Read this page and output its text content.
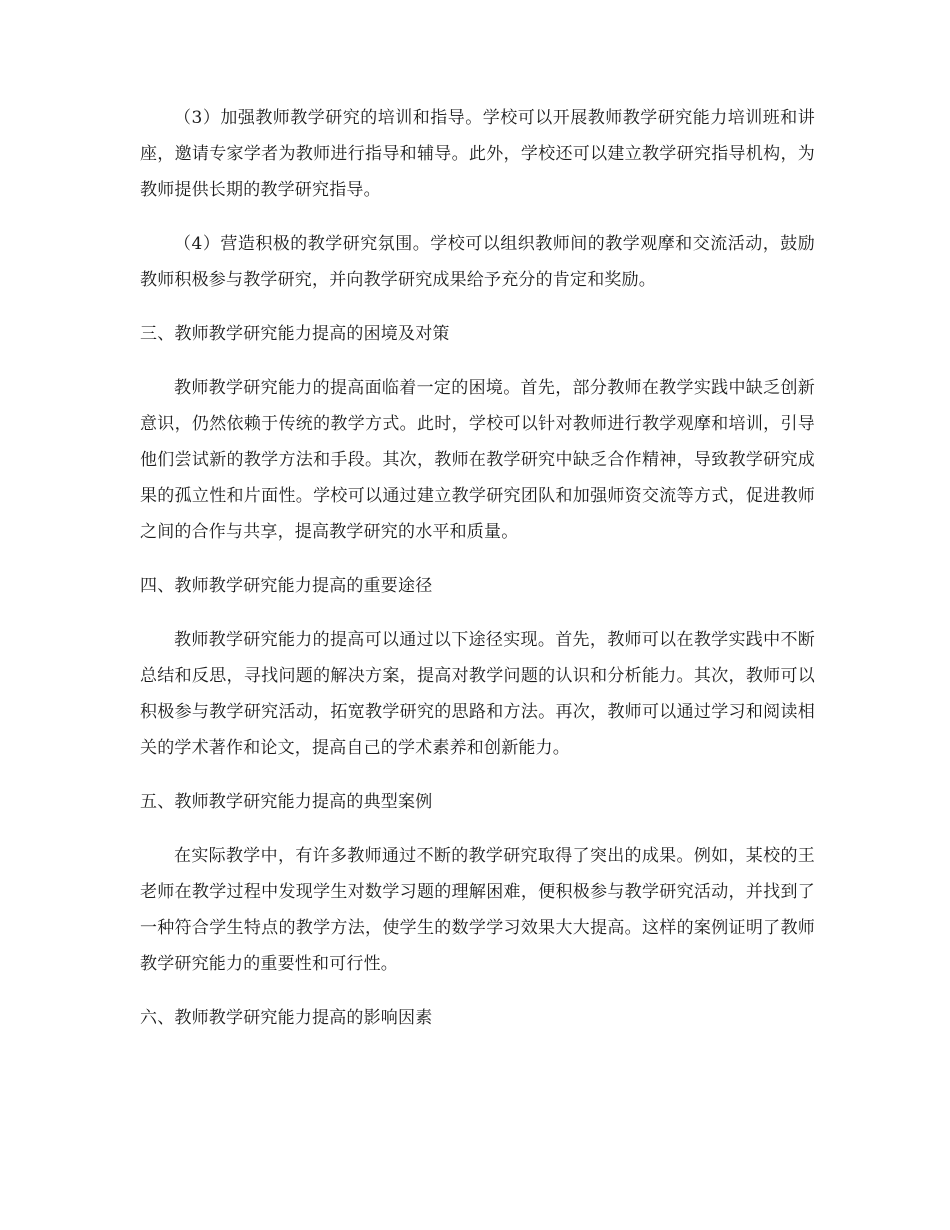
（3）加强教师教学研究的培训和指导。学校可以开展教师教学研究能力培训班和讲座，邀请专家学者为教师进行指导和辅导。此外，学校还可以建立教学研究指导机构，为教师提供长期的教学研究指导。

（4）营造积极的教学研究氛围。学校可以组织教师间的教学观摩和交流活动，鼓励教师积极参与教学研究，并向教学研究成果给予充分的肯定和奖励。

三、教师教学研究能力提高的困境及对策

教师教学研究能力的提高面临着一定的困境。首先，部分教师在教学实践中缺乏创新意识，仍然依赖于传统的教学方式。此时，学校可以针对教师进行教学观摩和培训，引导他们尝试新的教学方法和手段。其次，教师在教学研究中缺乏合作精神，导致教学研究成果的孤立性和片面性。学校可以通过建立教学研究团队和加强师资交流等方式，促进教师之间的合作与共享，提高教学研究的水平和质量。

四、教师教学研究能力提高的重要途径

教师教学研究能力的提高可以通过以下途径实现。首先，教师可以在教学实践中不断总结和反思，寻找问题的解决方案，提高对教学问题的认识和分析能力。其次，教师可以积极参与教学研究活动，拓宽教学研究的思路和方法。再次，教师可以通过学习和阅读相关的学术著作和论文，提高自己的学术素养和创新能力。

五、教师教学研究能力提高的典型案例

在实际教学中，有许多教师通过不断的教学研究取得了突出的成果。例如，某校的王老师在教学过程中发现学生对数学习题的理解困难，便积极参与教学研究活动，并找到了一种符合学生特点的教学方法，使学生的数学学习效果大大提高。这样的案例证明了教师教学研究能力的重要性和可行性。

六、教师教学研究能力提高的影响因素
